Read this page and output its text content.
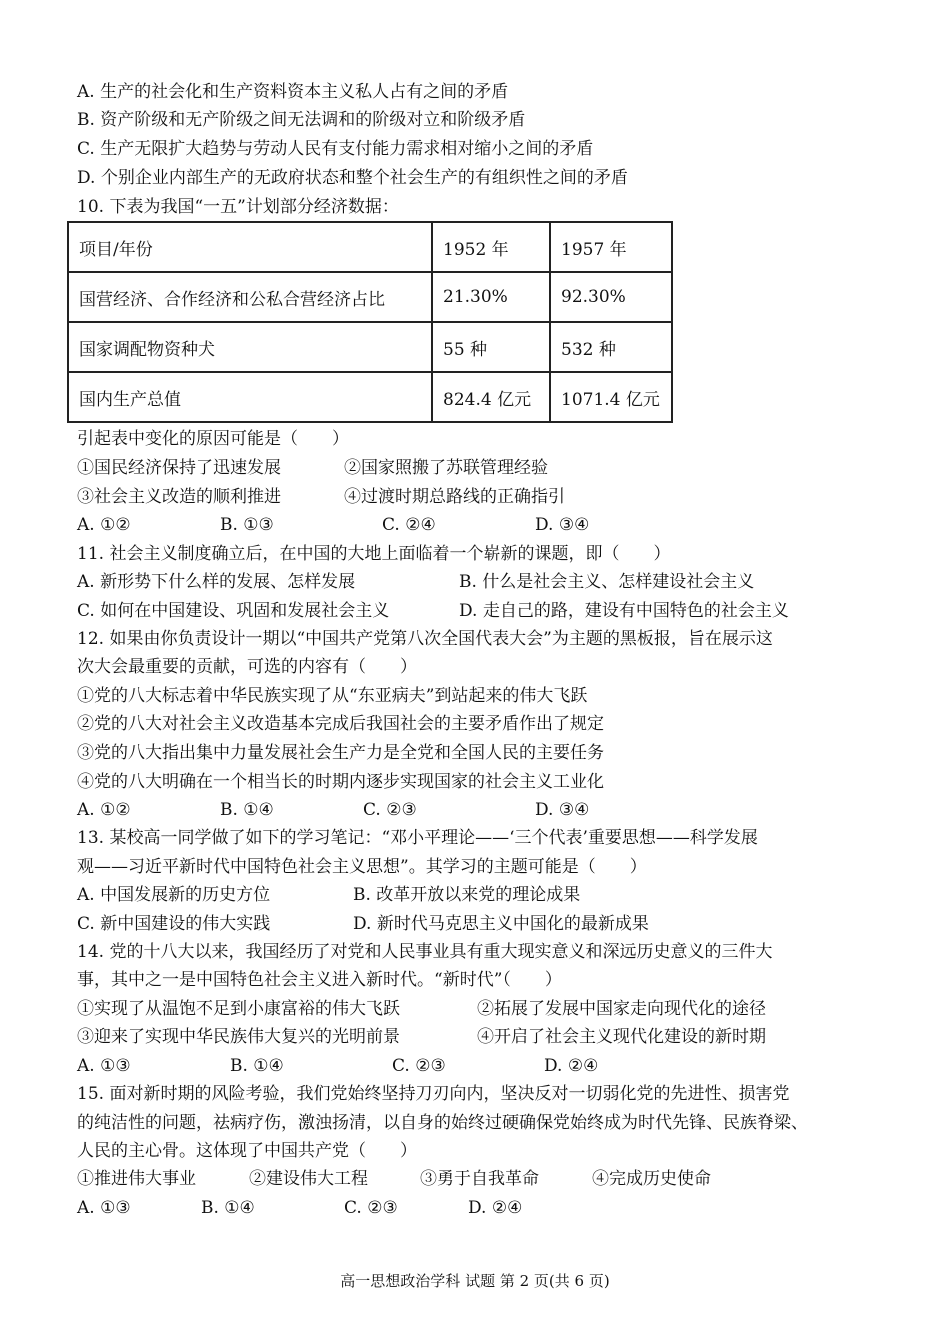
A. 生产的社会化和生产资料资本主义私人占有之间的矛盾
B. 资产阶级和无产阶级之间无法调和的阶级对立和阶级矛盾
C. 生产无限扩大趋势与劳动人民有支付能力需求相对缩小之间的矛盾
D. 个别企业内部生产的无政府状态和整个社会生产的有组织性之间的矛盾
10. 下表为我国“一五”计划部分经济数据：
项目/年份	1952 年	1957 年
国营经济、合作经济和公私合营经济占比	21.30%	92.30%
国家调配物资种犬	55 种	532 种
国内生产总值	824.4 亿元	1071.4 亿元
引起表中变化的原因可能是（　　）
①国民经济保持了迅速发展	②国家照搬了苏联管理经验
③社会主义改造的顺利推进	④过渡时期总路线的正确指引
A. ①②	B. ①③	C. ②④	D. ③④
11. 社会主义制度确立后，在中国的大地上面临着一个崭新的课题，即（　　）
A. 新形势下什么样的发展、怎样发展	B. 什么是社会主义、怎样建设社会主义
C. 如何在中国建设、巩固和发展社会主义	D. 走自己的路，建设有中国特色的社会主义
12. 如果由你负责设计一期以“中国共产党第八次全国代表大会”为主题的黑板报，旨在展示这
次大会最重要的贡献，可选的内容有（　　）
①党的八大标志着中华民族实现了从“东亚病夫”到站起来的伟大飞跃
②党的八大对社会主义改造基本完成后我国社会的主要矛盾作出了规定
③党的八大指出集中力量发展社会生产力是全党和全国人民的主要任务
④党的八大明确在一个相当长的时期内逐步实现国家的社会主义工业化
A. ①②	B. ①④	C. ②③	D. ③④
13. 某校高一同学做了如下的学习笔记：“邓小平理论——‘三个代表’重要思想——科学发展
观——习近平新时代中国特色社会主义思想”。其学习的主题可能是（　　）
A. 中国发展新的历史方位	B. 改革开放以来党的理论成果
C. 新中国建设的伟大实践	D. 新时代马克思主义中国化的最新成果
14. 党的十八大以来，我国经历了对党和人民事业具有重大现实意义和深远历史意义的三件大
事，其中之一是中国特色社会主义进入新时代。“新时代”（　　）
①实现了从温饱不足到小康富裕的伟大飞跃	②拓展了发展中国家走向现代化的途径
③迎来了实现中华民族伟大复兴的光明前景	④开启了社会主义现代化建设的新时期
A. ①③	B. ①④	C. ②③	D. ②④
15. 面对新时期的风险考验，我们党始终坚持刀刃向内，坚决反对一切弱化党的先进性、损害党
的纯洁性的问题，祛病疗伤，激浊扬清，以自身的始终过硬确保党始终成为时代先锋、民族脊梁、
人民的主心骨。这体现了中国共产党（　　）
①推进伟大事业	②建设伟大工程	③勇于自我革命	④完成历史使命
A. ①③	B. ①④	C. ②③	D. ②④
高一思想政治学科 试题 第 2 页(共 6 页)
